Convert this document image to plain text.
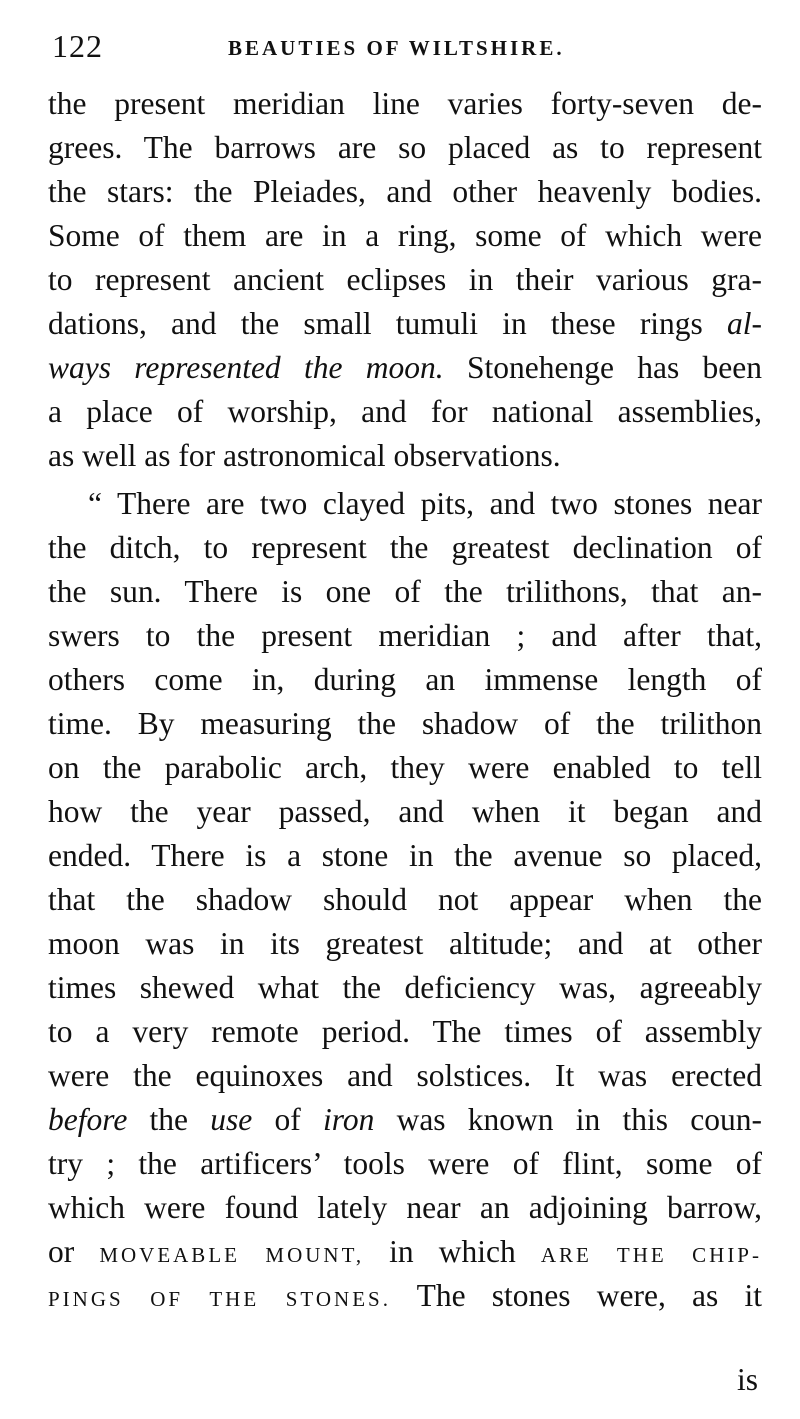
122	BEAUTIES OF WILTSHIRE.
the present meridian line varies forty-seven de-
grees. The barrows are so placed as to represent
the stars: the Pleiades, and other heavenly bodies.
Some of them are in a ring, some of which were
to represent ancient eclipses in their various gra-
dations, and the small tumuli in these rings al-
ways represented the moon. Stonehenge has been
a place of worship, and for national assemblies,
as well as for astronomical observations.
“ There are two clayed pits, and two stones near
the ditch, to represent the greatest declination of
the sun. There is one of the trilithons, that an-
swers to the present meridian ; and after that,
others come in, during an immense length of
time. By measuring the shadow of the trilithon
on the parabolic arch, they were enabled to tell
how the year passed, and when it began and
ended. There is a stone in the avenue so placed,
that the shadow should not appear when the
moon was in its greatest altitude; and at other
times shewed what the deficiency was, agreeably
to a very remote period. The times of assembly
were the equinoxes and solstices. It was erected
before the use of iron was known in this coun-
try ; the artificers’ tools were of flint, some of
which were found lately near an adjoining barrow,
or MOVEABLE MOUNT, in which ARE THE CHIP-
PINGS OF THE STONES. The stones were, as it
is
